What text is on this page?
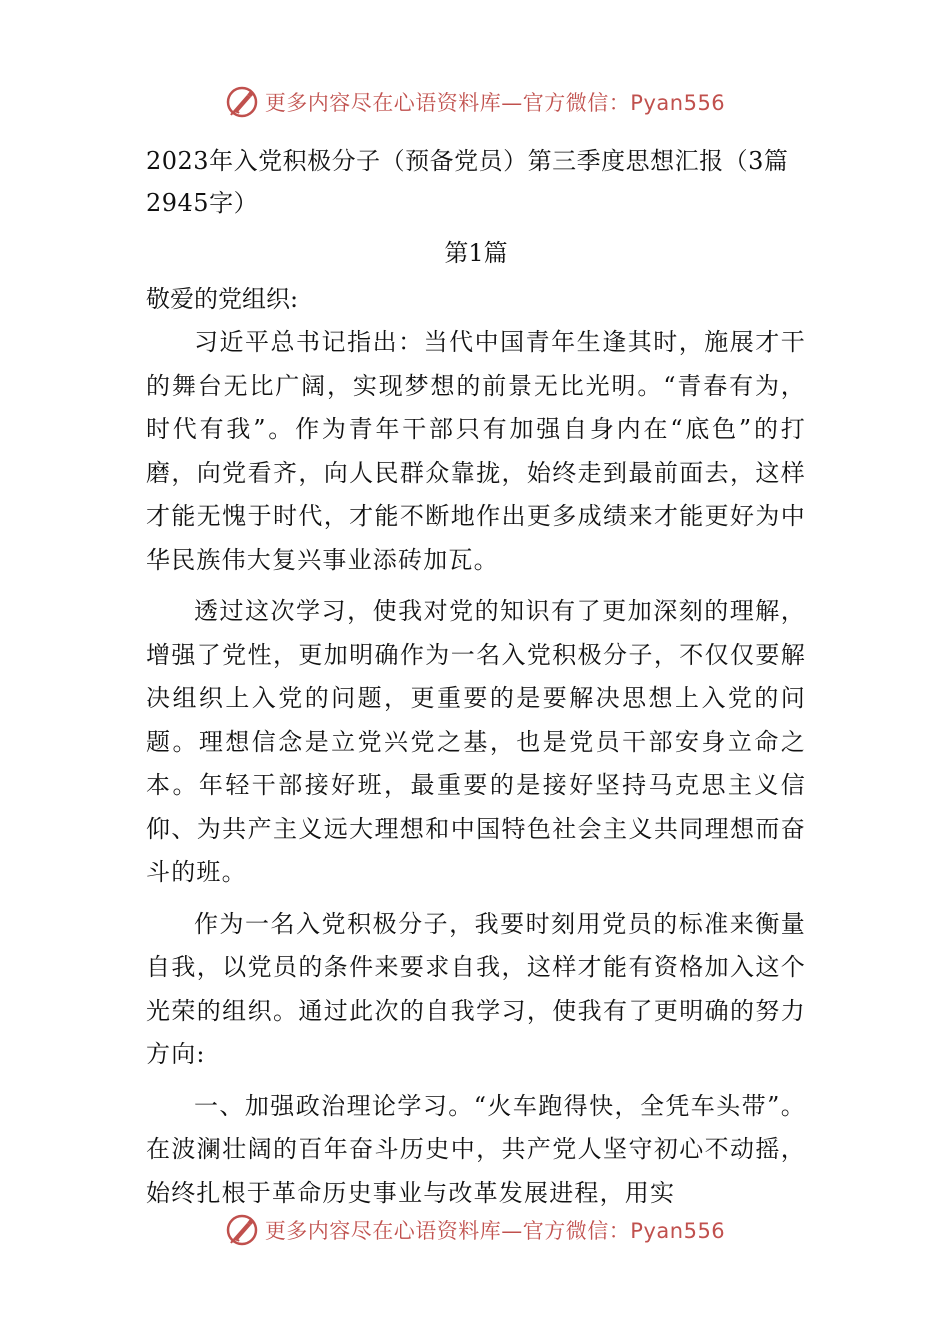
更多内容尽在心语资料库—官方微信：Pyan556
2023年入党积极分子（预备党员）第三季度思想汇报（3篇2945字）
第1篇

敬爱的党组织:

习近平总书记指出：当代中国青年生逢其时，施展才干的舞台无比广阔，实现梦想的前景无比光明。“青春有为，时代有我”。作为青年干部只有加强自身内在“底色”的打磨，向党看齐，向人民群众靠拢，始终走到最前面去，这样才能无愧于时代，才能不断地作出更多成绩来才能更好为中华民族伟大复兴事业添砖加瓦。

透过这次学习，使我对党的知识有了更加深刻的理解，增强了党性，更加明确作为一名入党积极分子，不仅仅要解决组织上入党的问题，更重要的是要解决思想上入党的问题。理想信念是立党兴党之基，也是党员干部安身立命之本。年轻干部接好班，最重要的是接好坚持马克思主义信仰、为共产主义远大理想和中国特色社会主义共同理想而奋斗的班。

作为一名入党积极分子，我要时刻用党员的标准来衡量自我，以党员的条件来要求自我，这样才能有资格加入这个光荣的组织。通过此次的自我学习，使我有了更明确的努力方向:

一、加强政治理论学习。“火车跑得快，全凭车头带”。在波澜壮阔的百年奋斗历史中，共产党人坚守初心不动摇，始终扎根于革命历史事业与改革发展进程，用实

更多内容尽在心语资料库—官方微信：Pyan556
